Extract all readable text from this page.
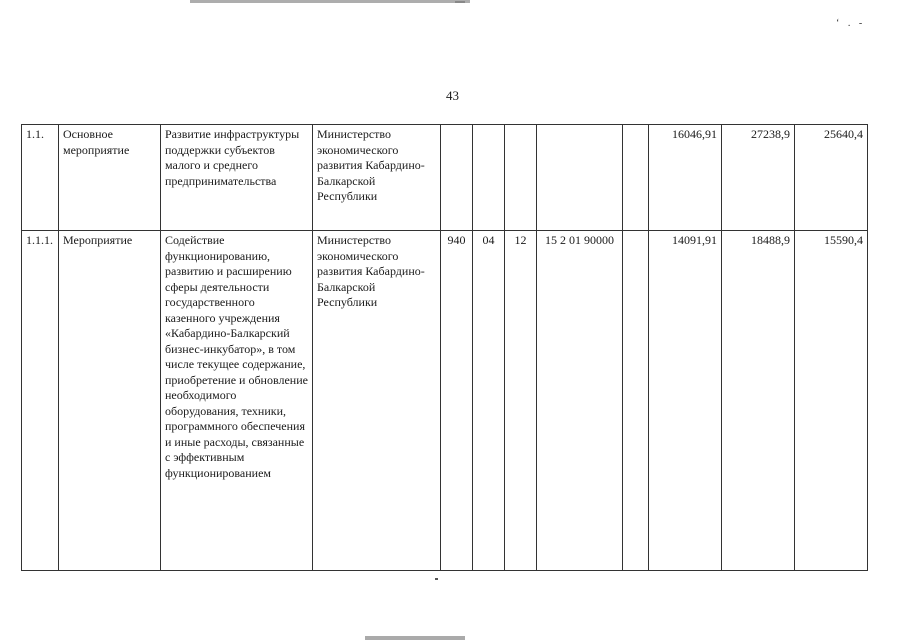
‘ . ‑
43
1.1.	Основное мероприятие	Развитие инфраструктуры поддержки субъектов малого и среднего предпринимательства	Министерство экономического развития Кабардино-Балкарской Республики						16046,91	27238,9	25640,4
1.1.1.	Мероприятие	Содействие функционированию, развитию и расширению сферы деятельности государственного казенного учреждения «Кабардино-Балкарский бизнес-инкубатор», в том числе текущее содержание, приобретение и обновление необходимого оборудования, техники, программного обеспечения и иные расходы, связанные с эффективным функционированием	Министерство экономического развития Кабардино-Балкарской Республики	940	04	12	15 2 01 90000		14091,91	18488,9	15590,4
